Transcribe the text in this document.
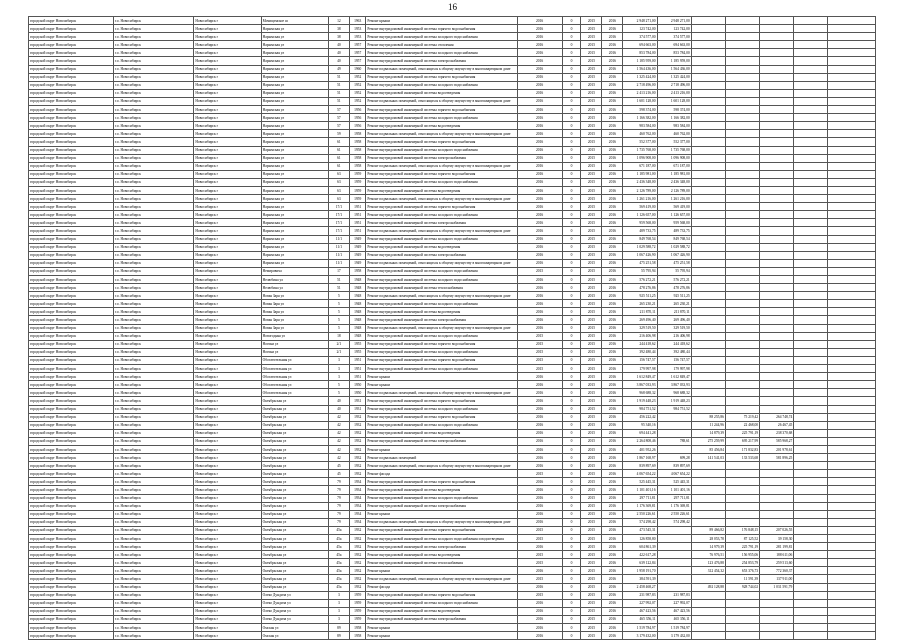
16
городской округ Новосибирск	г.о. Новосибирск	Новосибирск г	Мочищенское ш	12	1963	Ремонт крыши	2016	0	2015	2016	2 948 271,00	2 948 271,00					
городской округ Новосибирск	г.о. Новосибирск	Новосибирск г	Нарымская ул	38	1953	Ремонт внутридомовой инженерной системы горячего водоснабжения	2016	0	2015	2016	123 742,00	123 742,00					
городской округ Новосибирск	г.о. Новосибирск	Новосибирск г	Нарымская ул	38	1953	Ремонт внутридомовой инженерной системы холодного водоснабжения	2016	0	2015	2016	374 577,00	374 577,00					
городской округ Новосибирск	г.о. Новосибирск	Новосибирск г	Нарымская ул	40	1957	Ремонт внутридомовой инженерной системы отопления	2016	0	2015	2016	694 663,00	694 663,00					
городской округ Новосибирск	г.о. Новосибирск	Новосибирск г	Нарымская ул	40	1957	Ремонт внутридомовой инженерной системы холодного водоснабжения	2016	0	2015	2016	853 784,00	853 784,00					
городской округ Новосибирск	г.о. Новосибирск	Новосибирск г	Нарымская ул	40	1957	Ремонт внутридомовой инженерной системы электроснабжения	2016	0	2015	2016	1 185 959,00	1 185 959,00					
городской округ Новосибирск	г.о. Новосибирск	Новосибирск г	Нарымская ул	49	1960	Ремонт подвальных помещений, относящихся к общему имуществу в многоквартирном доме	2016	0	2015	2016	1 564 436,00	1 564 436,00					
городской округ Новосибирск	г.о. Новосибирск	Новосибирск г	Нарымская ул	51	1952	Ремонт внутридомовой инженерной системы горячего водоснабжения	2016	0	2015	2016	1 325 424,00	1 325 424,00					
городской округ Новосибирск	г.о. Новосибирск	Новосибирск г	Нарымская ул	51	1952	Ремонт внутридомовой инженерной системы холодного водоснабжения	2016	0	2015	2016	2 718 496,00	2 718 496,00					
городской округ Новосибирск	г.о. Новосибирск	Новосибирск г	Нарымская ул	51	1952	Ремонт внутридомовой инженерной системы водоотведения	2016	0	2015	2016	2 413 216,00	2 413 216,00					
городской округ Новосибирск	г.о. Новосибирск	Новосибирск г	Нарымская ул	51	1952	Ремонт подвальных помещений, относящихся к общему имуществу в многоквартирном доме	2016	0	2015	2016	1 601 128,00	1 601 128,00					
городской округ Новосибирск	г.о. Новосибирск	Новосибирск г	Нарымская ул	57	1956	Ремонт внутридомовой инженерной системы горячего водоснабжения	2016	0	2015	2016	598 374,00	598 374,00					
городской округ Новосибирск	г.о. Новосибирск	Новосибирск г	Нарымская ул	57	1956	Ремонт внутридомовой инженерной системы холодного водоснабжения	2016	0	2015	2016	1 166 382,00	1 166 382,00					
городской округ Новосибирск	г.о. Новосибирск	Новосибирск г	Нарымская ул	57	1956	Ремонт внутридомовой инженерной системы водоотведения	2016	0	2015	2016	983 584,00	983 584,00					
городской округ Новосибирск	г.о. Новосибирск	Новосибирск г	Нарымская ул	59	1958	Ремонт подвальных помещений, относящихся к общему имуществу в многоквартирном доме	2016	0	2015	2016	460 762,00	460 762,00					
городской округ Новосибирск	г.о. Новосибирск	Новосибирск г	Нарымская ул	61	1958	Ремонт внутридомовой инженерной системы горячего водоснабжения	2016	0	2015	2016	552 377,00	552 377,00					
городской округ Новосибирск	г.о. Новосибирск	Новосибирск г	Нарымская ул	61	1958	Ремонт внутридомовой инженерной системы холодного водоснабжения	2016	0	2015	2016	1 735 768,00	1 735 768,00					
городской округ Новосибирск	г.о. Новосибирск	Новосибирск г	Нарымская ул	61	1958	Ремонт внутридомовой инженерной системы электроснабжения	2016	0	2015	2016	1 096 908,00	1 096 908,00					
городской округ Новосибирск	г.о. Новосибирск	Новосибирск г	Нарымская ул	61	1958	Ремонт подвальных помещений, относящихся к общему имуществу в многоквартирном доме	2016	0	2015	2016	671 187,00	671 187,00					
городской округ Новосибирск	г.о. Новосибирск	Новосибирск г	Нарымская ул	63	1959	Ремонт внутридомовой инженерной системы горячего водоснабжения	2016	0	2015	2016	1 185 981,00	1 185 981,00					
городской округ Новосибирск	г.о. Новосибирск	Новосибирск г	Нарымская ул	63	1959	Ремонт внутридомовой инженерной системы холодного водоснабжения	2016	0	2015	2016	2 436 348,00	2 436 348,00					
городской округ Новосибирск	г.о. Новосибирск	Новосибирск г	Нарымская ул	63	1959	Ремонт внутридомовой инженерной системы водоотведения	2016	0	2015	2016	2 126 789,00	2 126 789,00					
городской округ Новосибирск	г.о. Новосибирск	Новосибирск г	Нарымская ул	63	1959	Ремонт подвальных помещений, относящихся к общему имуществу в многоквартирном доме	2016	0	2015	2016	1 261 216,00	1 261 216,00					
городской округ Новосибирск	г.о. Новосибирск	Новосибирск г	Нарымская ул	17/1	1951	Ремонт внутридомовой инженерной системы горячего водоснабжения	2016	0	2015	2016	569 419,00	569 419,00					
городской округ Новосибирск	г.о. Новосибирск	Новосибирск г	Нарымская ул	17/1	1951	Ремонт внутридомовой инженерной системы холодного водоснабжения	2016	0	2015	2016	1 126 657,00	1 126 657,00					
городской округ Новосибирск	г.о. Новосибирск	Новосибирск г	Нарымская ул	17/1	1951	Ремонт внутридомовой инженерной системы электроснабжения	2016	0	2015	2016	959 568,00	959 568,00					
городской округ Новосибирск	г.о. Новосибирск	Новосибирск г	Нарымская ул	17/1	1951	Ремонт подвальных помещений, относящихся к общему имуществу в многоквартирном доме	2016	0	2015	2016	489 733,75	489 733,75					
городской округ Новосибирск	г.о. Новосибирск	Новосибирск г	Нарымская ул	11/1	1949	Ремонт внутридомовой инженерной системы холодного водоснабжения	2016	0	2015	2016	849 768,54	849 768,54					
городской округ Новосибирск	г.о. Новосибирск	Новосибирск г	Нарымская ул	11/1	1949	Ремонт внутридомовой инженерной системы водоотведения	2016	0	2015	2016	1 029 588,72	1 029 588,72					
городской округ Новосибирск	г.о. Новосибирск	Новосибирск г	Нарымская ул	11/1	1949	Ремонт внутридомовой инженерной системы электроснабжения	2016	0	2015	2016	1 067 426,90	1 067 426,90					
городской округ Новосибирск	г.о. Новосибирск	Новосибирск г	Нарымская ул	11/1	1949	Ремонт подвальных помещений, относящихся к общему имуществу в многоквартирном доме	2016	0	2015	2016	475 251,58	475 251,58					
городской округ Новосибирск	г.о. Новосибирск	Новосибирск г	Немировича	17	1958	Ремонт внутридомовой инженерной системы холодного водоснабжения	2015	0	2015	2016	55 795,94	55 795,94					
городской округ Новосибирск	г.о. Новосибирск	Новосибирск г	Нелюбина ул	51	1948	Ремонт внутридомовой инженерной системы холодного водоснабжения	2016	0	2015	2016	576 272,21	576 272,21					
городской округ Новосибирск	г.о. Новосибирск	Новосибирск г	Нелюбина ул	51	1948	Ремонт внутридомовой инженерной системы теплоснабжения	2016	0	2015	2016	478 276,86	478 276,86					
городской округ Новосибирск	г.о. Новосибирск	Новосибирск г	Новая Заря ул	5	1948	Ремонт подвальных помещений, относящихся к общему имуществу в многоквартирном доме	2016	0	2015	2016	925 511,25	925 511,25					
городской округ Новосибирск	г.о. Новосибирск	Новосибирск г	Новая Заря ул	5	1948	Ремонт внутридомовой инженерной системы холодного водоснабжения	2016	0	2015	2016	265 230,21	265 230,21					
городской округ Новосибирск	г.о. Новосибирск	Новосибирск г	Новая Заря ул	5	1948	Ремонт внутридомовой инженерной системы водоотведения	2016	0	2015	2016	211 870,11	211 870,11					
городской округ Новосибирск	г.о. Новосибирск	Новосибирск г	Новая Заря ул	5	1948	Ремонт внутридомовой инженерной системы электроснабжения	2016	0	2015	2016	269 496,40	269 496,40					
городской округ Новосибирск	г.о. Новосибирск	Новосибирск г	Новая Заря ул	5	1948	Ремонт подвальных помещений, относящихся к общему имуществу в многоквартирном доме	2016	0	2015	2016	329 519,50	329 519,50					
городской округ Новосибирск	г.о. Новосибирск	Новосибирск г	Новогодняя ул	18	1948	Ремонт внутридомовой инженерной системы холодного водоснабжения	2015	0	2015	2016	216 406,98	216 406,98					
городской округ Новосибирск	г.о. Новосибирск	Новосибирск г	Ногина ул	2/1	1955	Ремонт внутридомовой инженерной системы горячего водоснабжения	2015	0	2015	2016	244 418,62	244 418,62					
городской округ Новосибирск	г.о. Новосибирск	Новосибирск г	Ногина ул	2/1	1955	Ремонт внутридомовой инженерной системы холодного водоснабжения	2015	0	2015	2016	392 480,44	392 480,44					
городской округ Новосибирск	г.о. Новосибирск	Новосибирск г	Обогатительная ул	3	1951	Ремонт внутридомовой инженерной системы горячего водоснабжения	2015	0	2015	2016	156 747,57	156 747,57					
городской округ Новосибирск	г.о. Новосибирск	Новосибирск г	Обогатительная ул	3	1951	Ремонт внутридомовой инженерной системы холодного водоснабжения	2015	0	2015	2016	179 997,98	179 997,98					
городской округ Новосибирск	г.о. Новосибирск	Новосибирск г	Обогатительная ул	3	1951	Ремонт крыши	2016	0	2015	2016	1 612 849,47	1 612 849,47					
городской округ Новосибирск	г.о. Новосибирск	Новосибирск г	Обогатительная ул	5	1950	Ремонт крыши	2016	0	2015	2016	3 867 033,93	3 867 033,93					
городской округ Новосибирск	г.о. Новосибирск	Новосибирск г	Обогатительная ул	5	1950	Ремонт подвальных помещений, относящихся к общему имуществу в многоквартирном доме	2016	0	2015	2016	968 688,32	968 688,32					
городской округ Новосибирск	г.о. Новосибирск	Новосибирск г	Октябрьская ул	40	1931	Ремонт внутридомовой инженерной системы горячего водоснабжения	2016	0	2015	2016	1 919 448,23	1 919 448,23					
городской округ Новосибирск	г.о. Новосибирск	Новосибирск г	Октябрьская ул	40	1931	Ремонт внутридомовой инженерной системы холодного водоснабжения	2016	0	2015	2016	984 751,52	984 751,52					
городской округ Новосибирск	г.о. Новосибирск	Новосибирск г	Октябрьская ул	42	1932	Ремонт внутридомовой инженерной системы горячего водоснабжения	2016	0	2015	2016	456 222,42		88 255,86	75 219,42	264 748,74		
городской округ Новосибирск	г.о. Новосибирск	Новосибирск г	Октябрьская ул	42	1932	Ремонт внутридомовой инженерной системы холодного водоснабжения	2016	0	2015	2016	95 340,16		11 244,96	22 468,00	26 467,45		
городской округ Новосибирск	г.о. Новосибирск	Новосибирск г	Октябрьская ул	42	1932	Ремонт внутридомовой инженерной системы водоотведения	2016	0	2015	2016	694 441,28		14 879,39	225 791,19	238 370,68		
городской округ Новосибирск	г.о. Новосибирск	Новосибирск г	Октябрьская ул	42	1932	Ремонт внутридомовой инженерной системы электроснабжения	2016	0	2015	2016	2 264 808,46	788,61	275 259,99	695 217,99	585 968,27		
городской округ Новосибирск	г.о. Новосибирск	Новосибирск г	Октябрьская ул	42	1932	Ремонт крыши	2016	0	2015	2016	401 952,26		85 456,84	171 832,83	201 978,61		
городской округ Новосибирск	г.о. Новосибирск	Новосибирск г	Октябрьская ул	42	1932	Ремонт подвальных помещений	2016	0	2015	2016	1 867 168,97	699,28	141 541,03	133 533,68	581 896,25		
городской округ Новосибирск	г.о. Новосибирск	Новосибирск г	Октябрьская ул	45	1932	Ремонт подвальных помещений, относящихся к общему имуществу в многоквартирном доме	2016	0	2015	2016	839 897,69	839 897,69					
городской округ Новосибирск	г.о. Новосибирск	Новосибирск г	Октябрьская ул	45	1932	Ремонт фасада	2015	0	2015	2016	4 067 654,22	4 067 654,22					
городской округ Новосибирск	г.о. Новосибирск	Новосибирск г	Октябрьская ул	79	1934	Ремонт внутридомовой инженерной системы горячего водоснабжения	2016	0	2015	2016	525 445,31	525 445,31					
городской округ Новосибирск	г.о. Новосибирск	Новосибирск г	Октябрьская ул	79	1934	Ремонт внутридомовой инженерной системы водоотведения	2016	0	2015	2016	1 101 401,16	1 101 401,16					
городской округ Новосибирск	г.о. Новосибирск	Новосибирск г	Октябрьская ул	79	1934	Ремонт внутридомовой инженерной системы холодного водоснабжения	2016	0	2015	2016	297 711,81	297 711,81					
городской округ Новосибирск	г.о. Новосибирск	Новосибирск г	Октябрьская ул	79	1934	Ремонт внутридомовой инженерной системы электроснабжения	2016	0	2015	2016	1 176 369,81	1 176 369,81					
городской округ Новосибирск	г.о. Новосибирск	Новосибирск г	Октябрьская ул	79	1934	Ремонт крыши	2016	0	2015	2016	2 550 226,61	2 550 226,61					
городской округ Новосибирск	г.о. Новосибирск	Новосибирск г	Октябрьская ул	79	1934	Ремонт подвальных помещений, относящихся к общему имуществу в многоквартирном доме	2016	0	2015	2016	574 298,42	574 298,42					
городской округ Новосибирск	г.о. Новосибирск	Новосибирск г	Октябрьская ул	45а	1932	Ремонт внутридомовой инженерной системы горячего водоснабжения	2015	0	2015	2016	473 545,31		89 466,82	176 848,15	207 026,55		
городской округ Новосибирск	г.о. Новосибирск	Новосибирск г	Октябрьская ул	45а	1932	Ремонт внутридомовой инженерной системы холодного водоснабжения и водоотведения	2015	0	2015	2016	126 858,80		28 053,78	87 125,52	39 158,30		
городской округ Новосибирск	г.о. Новосибирск	Новосибирск г	Октябрьская ул	45а	1932	Ремонт внутридомовой инженерной системы электроснабжения	2016	0	2015	2016	604 861,39		14 979,39	225 791,19	281 199,81		
городской округ Новосибирск	г.о. Новосибирск	Новосибирск г	Октябрьская ул	45а	1932	Ремонт внутридомовой инженерной системы водоотведения	2015	0	2015	2016	422 617,28		76 976,51	156 955,06	188 611,06		
городской округ Новосибирск	г.о. Новосибирск	Новосибирск г	Октябрьская ул	45а	1932	Ремонт внутридомовой инженерной системы теплоснабжения	2015	0	2015	2016	639 122,84		123 476,88	254 853,79	259 513,60		
городской округ Новосибирск	г.о. Новосибирск	Новосибирск г	Октябрьская ул	45а	1932	Ремонт крыши	2016	0	2015	2016	1 958 191,70		312 454,32	653 376,73	772 360,37		
городской округ Новосибирск	г.о. Новосибирск	Новосибирск г	Октябрьская ул	45а	1932	Ремонт подвальных помещений, относящихся к общему имуществу в многоквартирном доме	2015	0	2015	2016	384 591,39			11 591,39	137 911,00		
городской округ Новосибирск	г.о. Новосибирск	Новосибирск г	Октябрьская ул	45а	1932	Ремонт фасада	2016	0	2015	2016	2 458 468,27		492 128,88	928 744,02	1 031 591,79		
городской округ Новосибирск	г.о. Новосибирск	Новосибирск г	Олеко Дундича ул	3	1959	Ремонт внутридомовой инженерной системы горячего водоснабжения	2015	0	2015	2016	231 987,83	231 987,83					
городской округ Новосибирск	г.о. Новосибирск	Новосибирск г	Олеко Дундича ул	3	1959	Ремонт внутридомовой инженерной системы холодного водоснабжения	2016	0	2015	2016	227 992,07	227 992,07					
городской округ Новосибирск	г.о. Новосибирск	Новосибирск г	Олеко Дундича ул	3	1959	Ремонт внутридомовой инженерной системы водоотведения	2016	0	2015	2016	467 423,56	467 423,56					
городской округ Новосибирск	г.о. Новосибирск	Новосибирск г	Олеко Дундича ул	3	1959	Ремонт внутридомовой инженерной системы электроснабжения	2016	0	2015	2016	465 356,11	465 356,11					
городской округ Новосибирск	г.о. Новосибирск	Новосибирск г	Омская ул	89	1958	Ремонт крыши	2016	0	2015	2016	1 519 784,97	1 519 784,97					
городской округ Новосибирск	г.о. Новосибирск	Новосибирск г	Омская ул	89	1958	Ремонт крыши	2016	0	2015	2016	3 179 432,00	3 179 432,00					
